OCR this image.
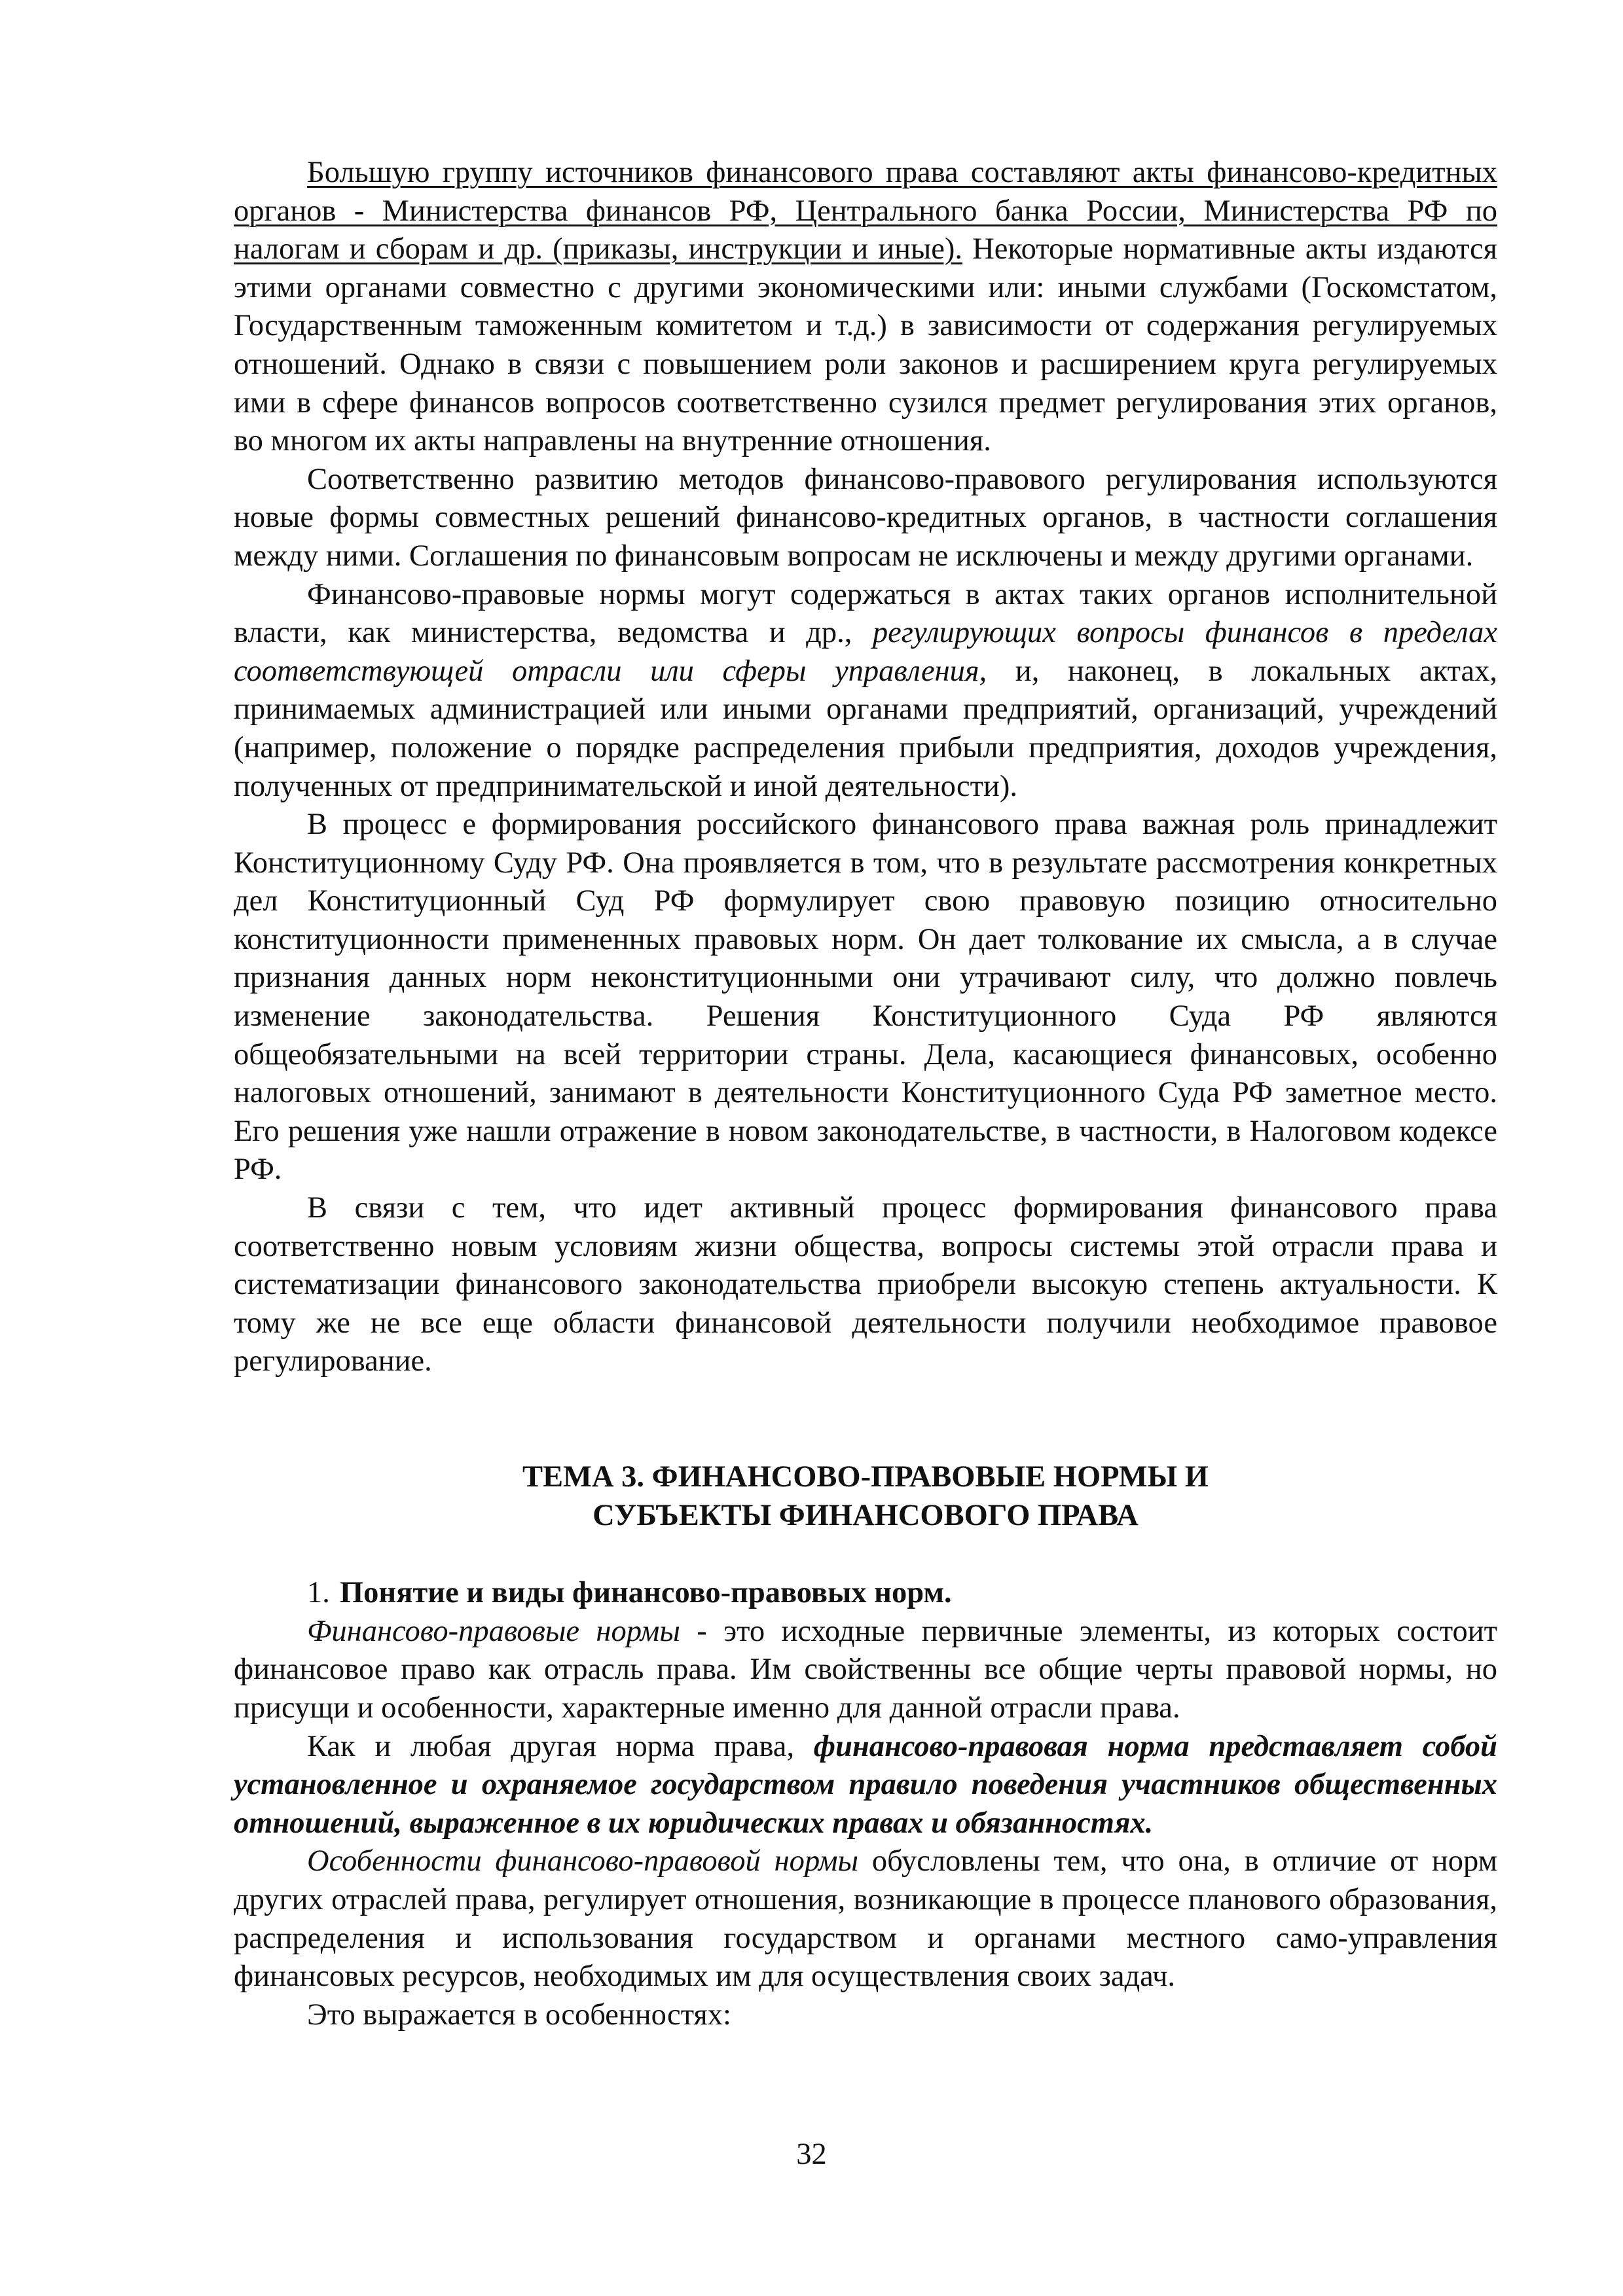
Большую группу источников финансового права составляют акты финансово-кредитных органов - Министерства финансов РФ, Центрального банка России, Министерства РФ по налогам и сборам и др. (приказы, инструкции и иные). Некоторые нормативные акты издаются этими органами совместно с другими экономическими или: иными службами (Госкомстатом, Государственным таможенным комитетом и т.д.) в зависимости от содержания регулируемых отношений. Однако в связи с повышением роли законов и расширением круга регулируемых ими в сфере финансов вопросов соответственно сузился предмет регулирования этих органов, во многом их акты направлены на внутренние отношения.

Соответственно развитию методов финансово-правового регулирования используются новые формы совместных решений финансово-кредитных органов, в частности соглашения между ними. Соглашения по финансовым вопросам не исключены и между другими органами.

Финансово-правовые нормы могут содержаться в актах таких органов исполнительной власти, как министерства, ведомства и др., регулирующих вопросы финансов в пределах соответствующей отрасли или сферы управления, и, наконец, в локальных актах, принимаемых администрацией или иными органами предприятий, организаций, учреждений (например, положение о порядке распределения прибыли предприятия, доходов учреждения, полученных от предпринимательской и иной деятельности).

В процесс е формирования российского финансового права важная роль принадлежит Конституционному Суду РФ. Она проявляется в том, что в результате рассмотрения конкретных дел Конституционный Суд РФ формулирует свою правовую позицию относительно конституционности примененных правовых норм. Он дает толкование их смысла, а в случае признания данных норм неконституционными они утрачивают силу, что должно повлечь изменение законодательства. Решения Конституционного Суда РФ являются общеобязательными на всей территории страны. Дела, касающиеся финансовых, особенно налоговых отношений, занимают в деятельности Конституционного Суда РФ заметное место. Его решения уже нашли отражение в новом законодательстве, в частности, в Налоговом кодексе РФ.

В связи с тем, что идет активный процесс формирования финансового права соответственно новым условиям жизни общества, вопросы системы этой отрасли права и систематизации финансового законодательства приобрели высокую степень актуальности. К тому же не все еще области финансовой деятельности получили необходимое правовое регулирование.

ТЕМА 3. ФИНАНСОВО-ПРАВОВЫЕ НОРМЫ И
СУБЪЕКТЫ ФИНАНСОВОГО ПРАВА
1. Понятие и виды финансово-правовых норм.

Финансово-правовые нормы - это исходные первичные элементы, из которых состоит финансовое право как отрасль права. Им свойственны все общие черты правовой нормы, но присущи и особенности, характерные именно для данной отрасли права.

Как и любая другая норма права, финансово-правовая норма представляет собой установленное и охраняемое государством правило поведения участников общественных отношений, выраженное в их юридических правах и обязанностях.

Особенности финансово-правовой нормы обусловлены тем, что она, в отличие от норм других отраслей права, регулирует отношения, возникающие в процессе планового образования, распределения и использования государством и органами местного само-управления финансовых ресурсов, необходимых им для осуществления своих задач.

Это выражается в особенностях:

32
